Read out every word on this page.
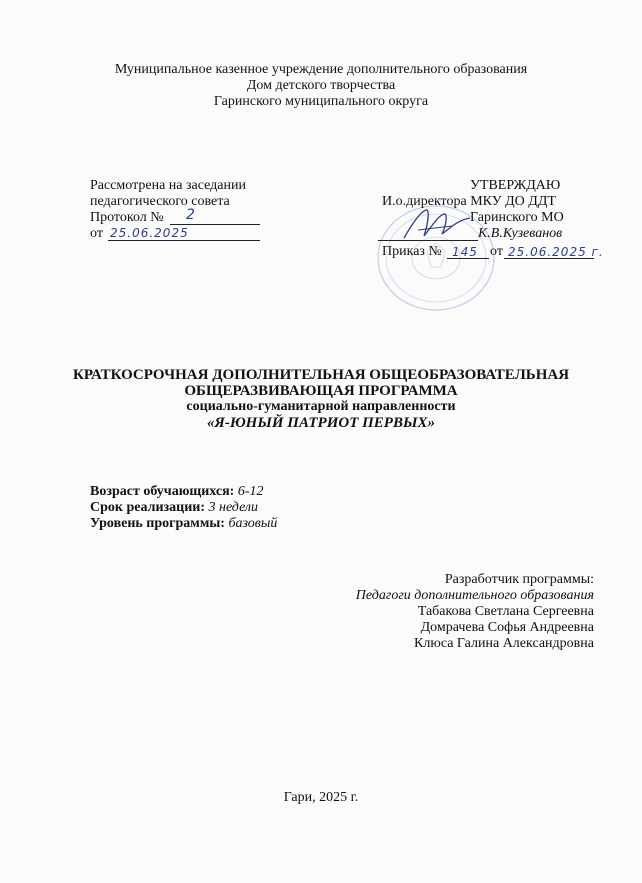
Муниципальное казенное учреждение дополнительного образования
Дом детского творчества
Гаринского муниципального округа
Рассмотрена на заседании
педагогического совета
Протокол № 2
от 25.06.2025
УТВЕРЖДАЮ
И.о.директора МКУ ДО ДДТ
Гаринского МО
К.В.Кузеванов
Приказ № 145 от 25.06.2025 г.
КРАТКОСРОЧНАЯ ДОПОЛНИТЕЛЬНАЯ ОБЩЕОБРАЗОВАТЕЛЬНАЯ
ОБЩЕРАЗВИВАЮЩАЯ ПРОГРАММА
социально-гуманитарной направленности
«Я-ЮНЫЙ ПАТРИОТ ПЕРВЫХ»
Возраст обучающихся: 6-12
Срок реализации: 3 недели
Уровень программы: базовый
Разработчик программы:
Педагоги дополнительного образования
Табакова Светлана Сергеевна
Домрачева Софья Андреевна
Клюса Галина Александровна
Гари, 2025 г.
